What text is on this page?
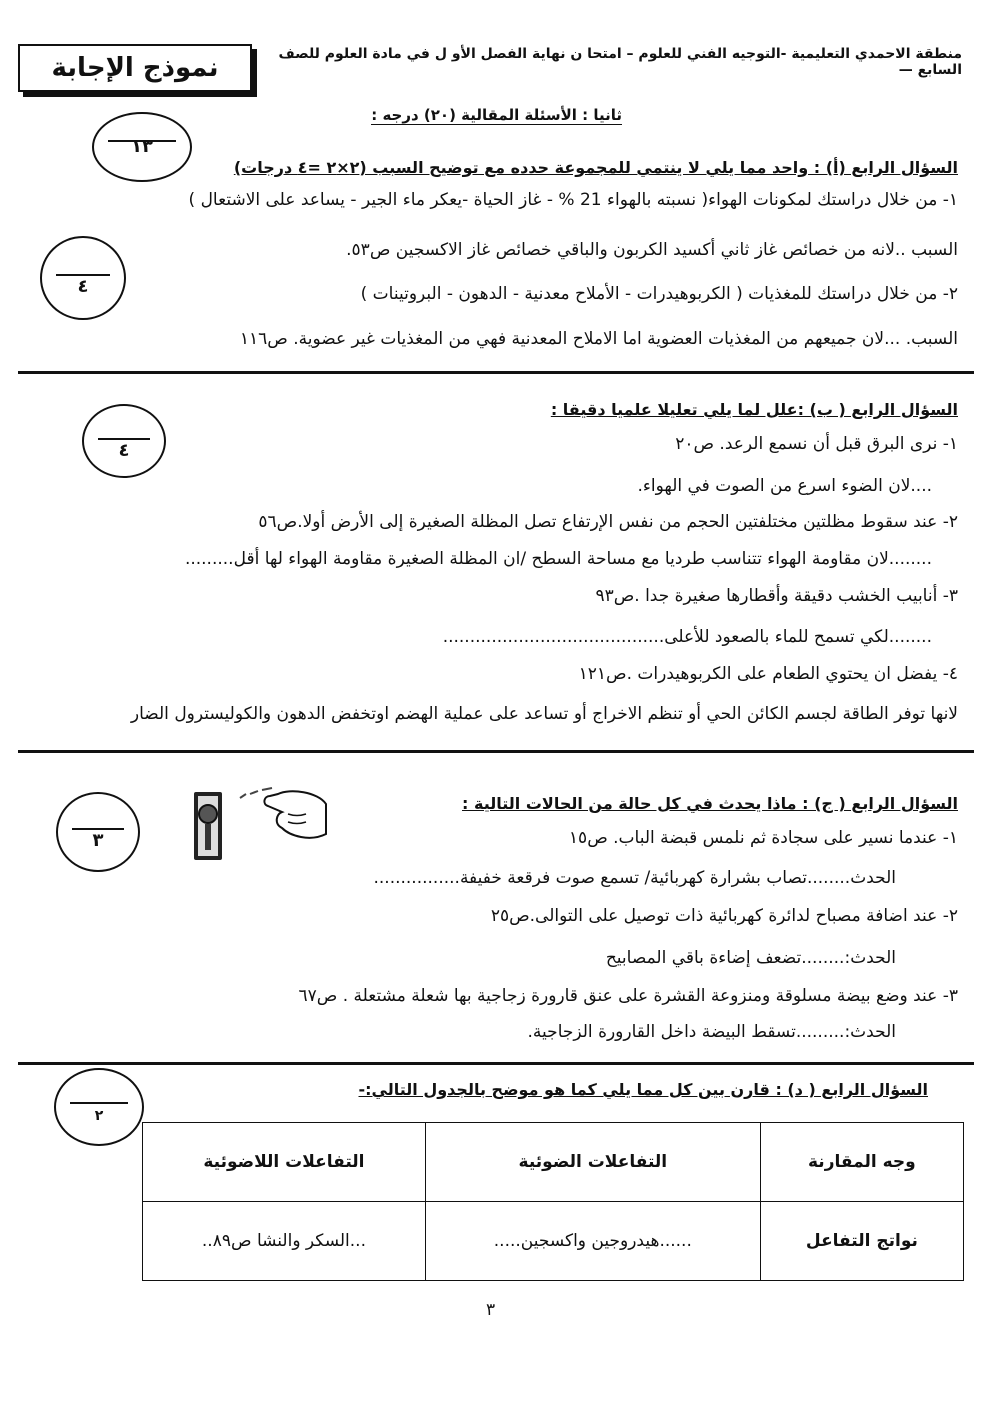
منطقة الاحمدي التعليمية -التوجيه الفني للعلوم – امتحا ن نهاية الفصل الأو ل في مادة العلوم للصف السابع —
نموذج الإجابة
ثانيا : الأسئلة المقالية (٢٠) درجه :
١٣
السؤال الرابع (أ) : واحد مما يلي لا ينتمي للمجموعة حدده مع توضيح السبب (٢×٢ =٤ درجات)
١- من خلال دراستك لمكونات الهواء( نسبته بالهواء 21 % - غاز الحياة -يعكر ماء الجير - يساعد على الاشتعال )
٤
السبب ..لانه من خصائص غاز ثاني أكسيد الكربون والباقي خصائص غاز الاكسجين ص٥٣.
٢- من خلال دراستك للمغذيات ( الكربوهيدرات - الأملاح معدنية - الدهون - البروتينات )
السبب. ...لان جميعهم من المغذيات العضوية اما الاملاح المعدنية فهي من المغذيات غير عضوية. ص١١٦
السؤال الرابع ( ب) :علل لما يلي تعليلا علميا دقيقا :
٤	١- نرى البرق قبل أن نسمع الرعد. ص٢٠
....لان الضوء اسرع من الصوت في الهواء.
٢- عند سقوط مظلتين مختلفتين الحجم من نفس الإرتفاع تصل المظلة الصغيرة إلى الأرض أولا.ص٥٦
........لان مقاومة الهواء تتناسب طرديا مع مساحة السطح /ان المظلة الصغيرة مقاومة الهواء لها أقل.........
٣- أنابيب الخشب دقيقة وأقطارها صغيرة جدا .ص٩٣
........لكي تسمح للماء بالصعود للأعلى.........................................
٤- يفضل ان يحتوي الطعام على الكربوهيدرات .ص١٢١
لانها توفر الطاقة لجسم الكائن الحي أو تنظم الاخراج أو تساعد على عملية الهضم اوتخفض الدهون والكوليسترول الضار
السؤال الرابع ( ج) : ماذا يحدث في كل حالة من الحالات التالية :
٣	١- عندما نسير على سجادة ثم نلمس قبضة الباب. ص١٥
الحدث........تصاب بشرارة كهربائية/ تسمع صوت فرقعة خفيفة................
٢- عند اضافة مصباح لدائرة كهربائية ذات توصيل على التوالى.ص٢٥
الحدث:........تضعف إضاءة باقي المصابيح
٣- عند وضع بيضة مسلوقة ومنزوعة القشرة على عنق قارورة زجاجية بها شعلة مشتعلة . ص٦٧
الحدث:.........تسقط البيضة داخل القارورة الزجاجية.
السؤال الرابع ( د) : قارن بين كل مما يلي كما هو موضح بالجدول التالي:-
٢
وجه المقارنة	التفاعلات الضوئية	التفاعلات اللاضوئية
نواتج التفاعل	......هيدروجين واكسجين.....	...السكر والنشا ص٨٩..
٣
